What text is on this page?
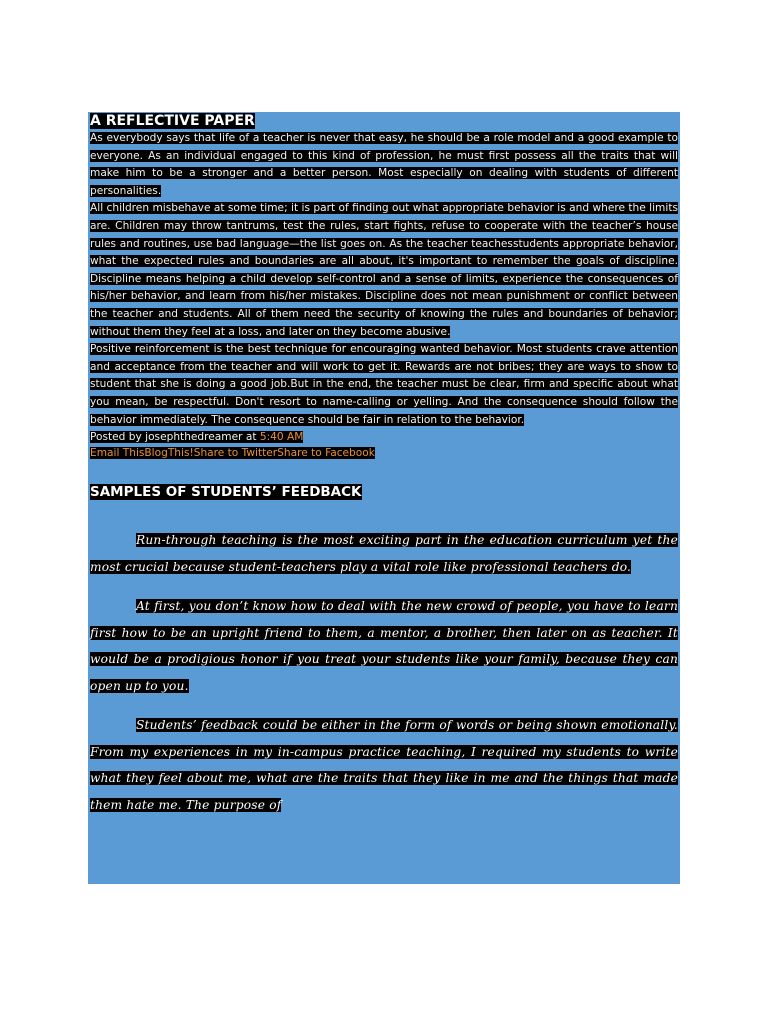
A REFLECTIVE PAPER

As everybody says that life of a teacher is never that easy, he should be a role model and a good example to everyone. As an individual engaged to this kind of profession, he must first possess all the traits that will make him to be a stronger and a better person. Most especially on dealing with students of different personalities.

All children misbehave at some time; it is part of finding out what appropriate behavior is and where the limits are. Children may throw tantrums, test the rules, start fights, refuse to cooperate with the teacher’s house rules and routines, use bad language—the list goes on. As the teacher teachesstudents appropriate behavior, what the expected rules and boundaries are all about, it's important to remember the goals of discipline. Discipline means helping a child develop self-control and a sense of limits, experience the consequences of his/her behavior, and learn from his/her mistakes. Discipline does not mean punishment or conflict between the teacher and students. All of them need the security of knowing the rules and boundaries of behavior; without them they feel at a loss, and later on they become abusive.

Positive reinforcement is the best technique for encouraging wanted behavior. Most students crave attention and acceptance from the teacher and will work to get it. Rewards are not bribes; they are ways to show to student that she is doing a good job.But in the end, the teacher must be clear, firm and specific about what you mean, be respectful. Don't resort to name-calling or yelling. And the consequence should follow the behavior immediately. The consequence should be fair in relation to the behavior.

Posted by josephthedreamer at 5:40 AM

Email ThisBlogThis!Share to TwitterShare to Facebook

SAMPLES OF STUDENTS’ FEEDBACK

Run-through teaching is the most exciting part in the education curriculum yet the most crucial because student-teachers play a vital role like professional teachers do.

At first, you don’t know how to deal with the new crowd of people, you have to learn first how to be an upright friend to them, a mentor, a brother, then later on as teacher. It would be a prodigious honor if you treat your students like your family, because they can open up to you.

Students’ feedback could be either in the form of words or being shown emotionally. From my experiences in my in-campus practice teaching, I required my students to write what they feel about me, what are the traits that they like in me and the things that made them hate me. The purpose of
